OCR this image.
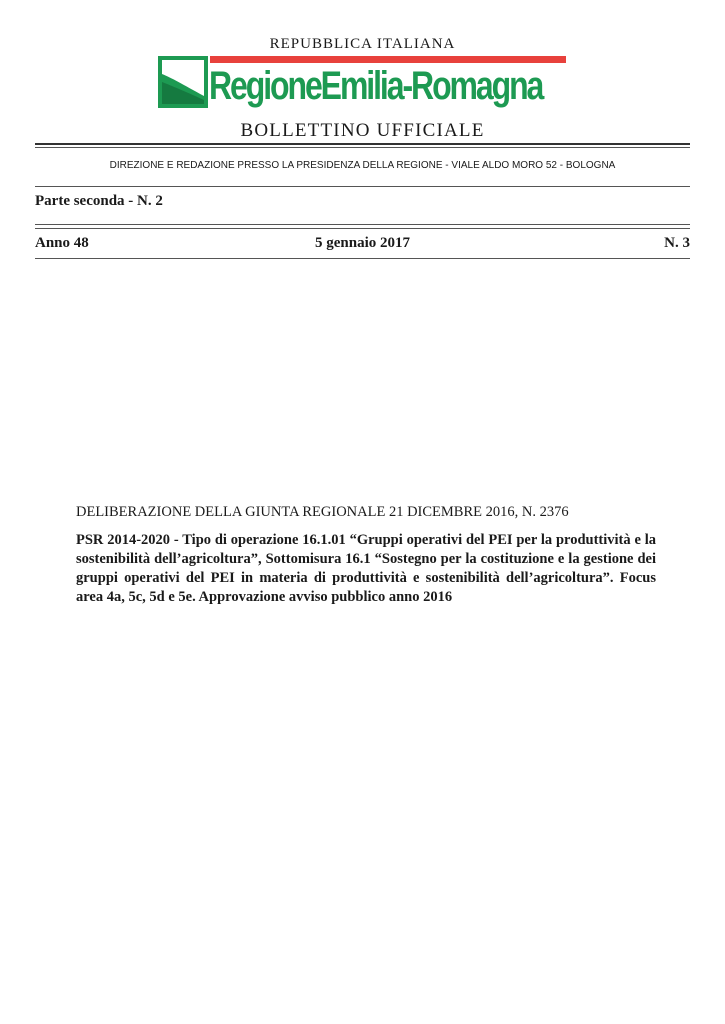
REPUBBLICA ITALIANA
RegioneEmilia-Romagna
BOLLETTINO UFFICIALE
DIREZIONE E REDAZIONE PRESSO LA PRESIDENZA DELLA REGIONE - VIALE ALDO MORO 52 - BOLOGNA
Parte seconda - N. 2
Anno 48	5 gennaio 2017	N. 3
DELIBERAZIONE DELLA GIUNTA REGIONALE 21 DICEMBRE 2016, N. 2376
PSR 2014-2020 - Tipo di operazione 16.1.01 “Gruppi operativi del PEI per la produttività e la sostenibilità dell’agricoltura”, Sottomisura 16.1 “Sostegno per la costituzione e la gestione dei gruppi operativi del PEI in materia di produttività e sostenibilità dell’agricoltura”. Focus area 4a, 5c, 5d e 5e. Approvazione avviso pubblico anno 2016
